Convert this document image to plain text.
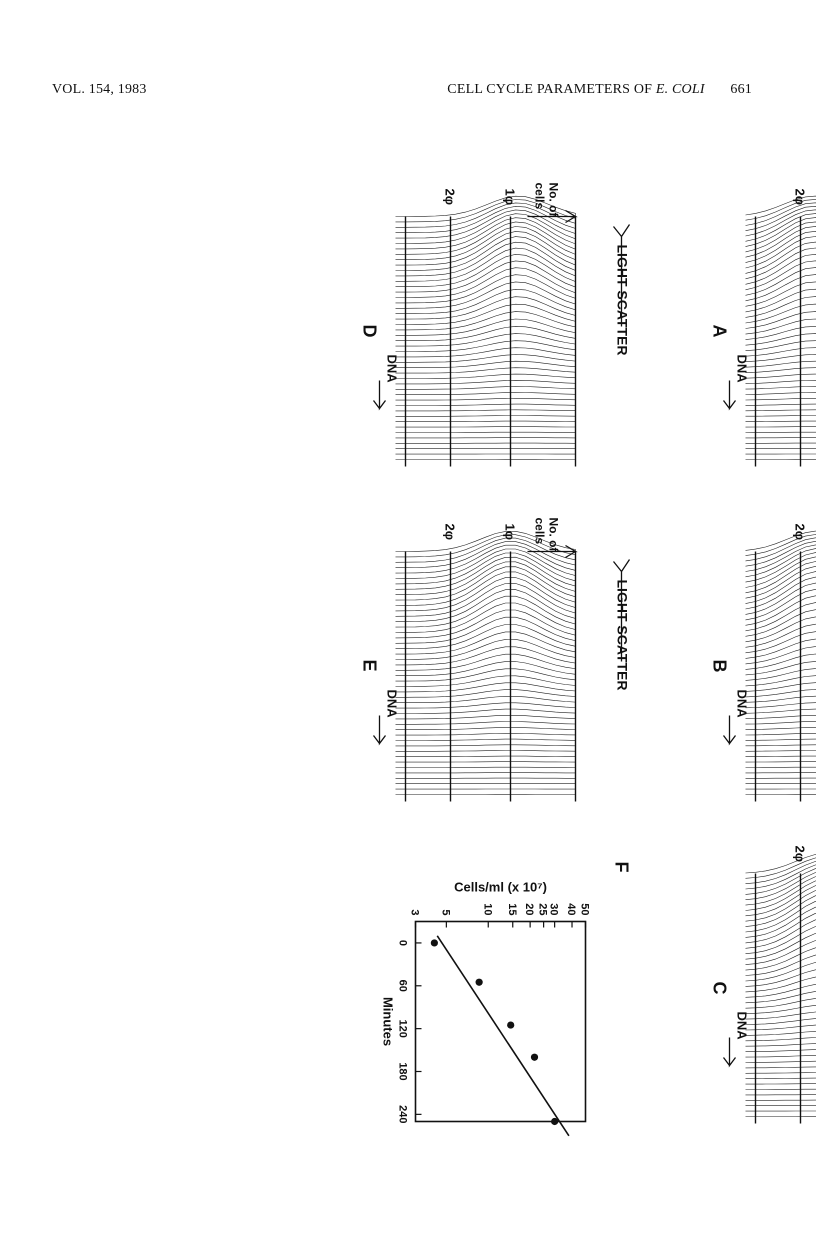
VOL. 154, 1983	CELL CYCLE PARAMETERS OF E. COLI 661
2φ
DNA
A
2φ
DNA
B
2φ
DNA
C
LIGHT SCATTER
No. of
cells
1φ
2φ
DNA
D
LIGHT SCATTER
No. of
cells
1φ
2φ
DNA
E
0
60
120
180
240
3 5	10 15 20 25 30 40 50
Minutes
Cells/ml (x 10⁷)
F
